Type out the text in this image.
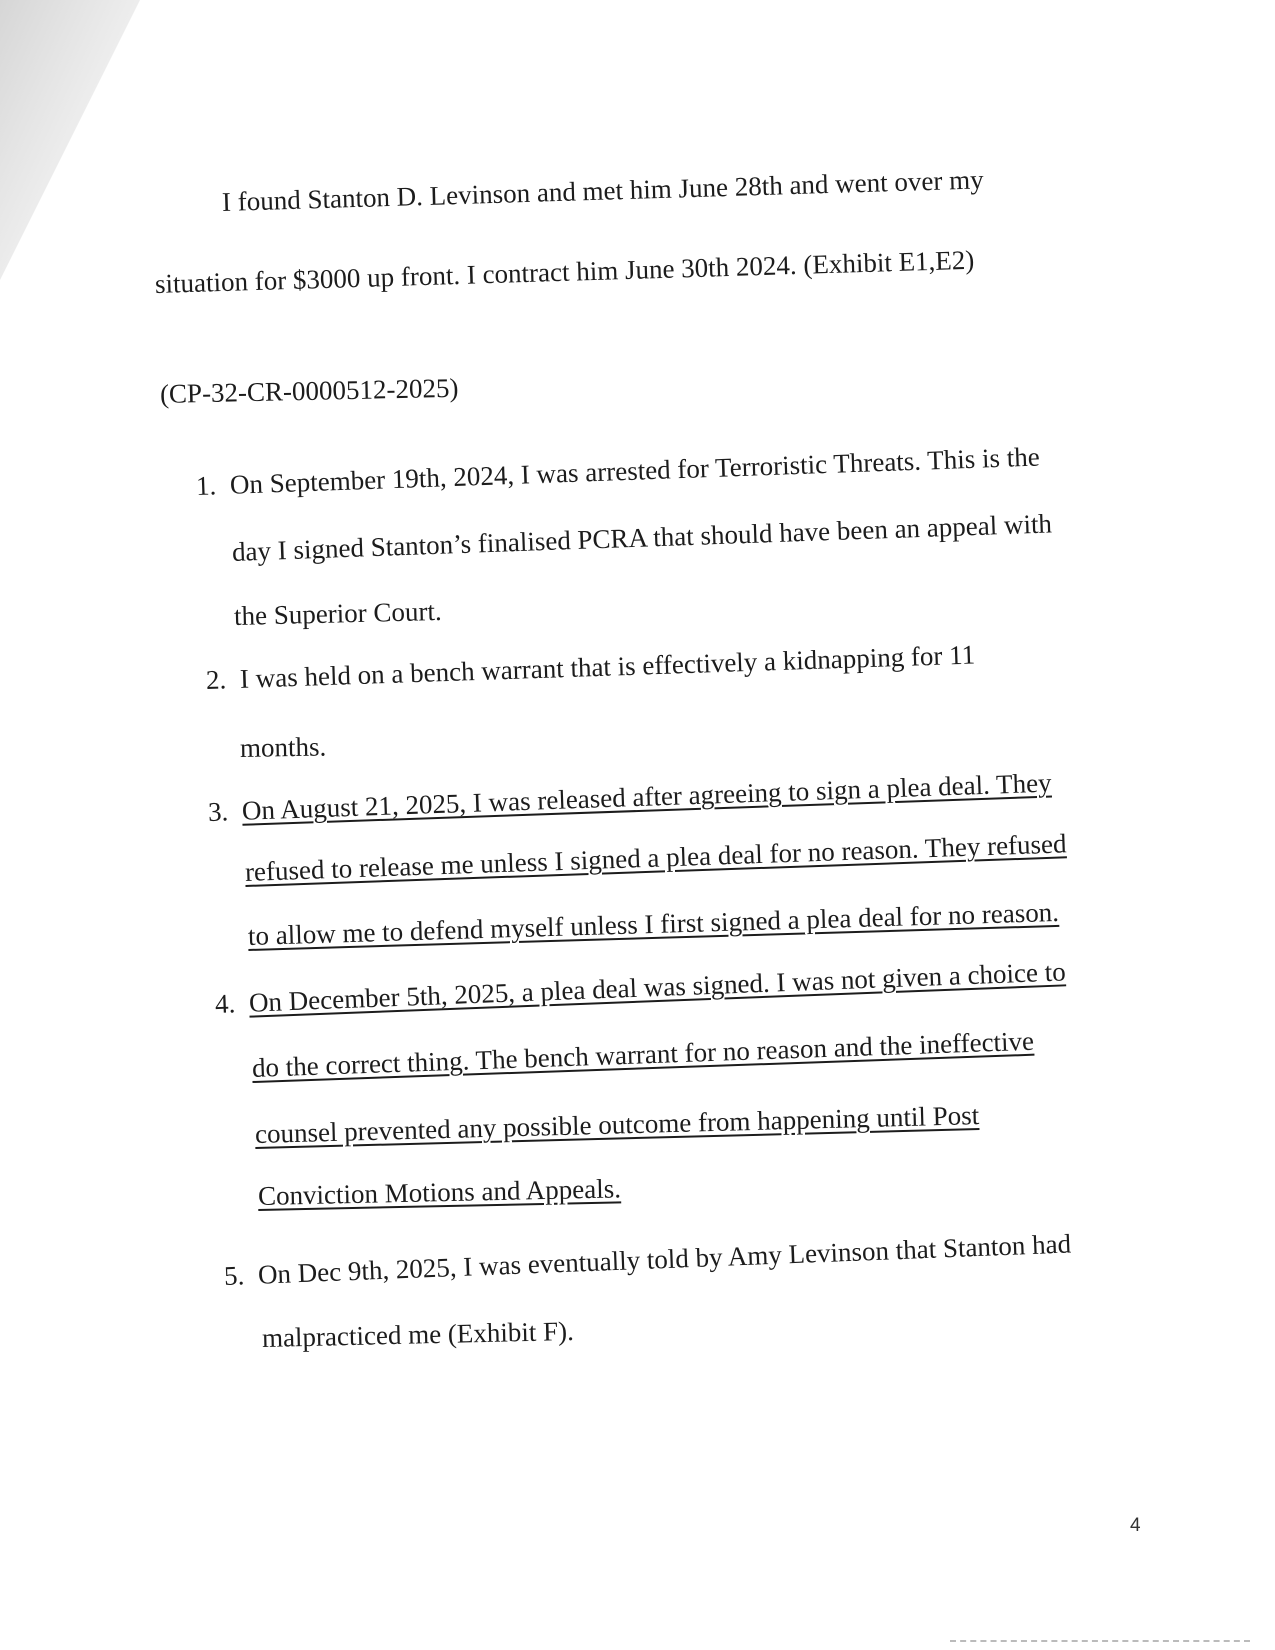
I found Stanton D. Levinson and met him June 28th and went over my
situation for $3000 up front. I contract him June 30th 2024. (Exhibit E1,E2)
(CP-32-CR-0000512-2025)
1. On September 19th, 2024, I was arrested for Terroristic Threats. This is the
day I signed Stanton’s finalised PCRA that should have been an appeal with
the Superior Court.
2. I was held on a bench warrant that is effectively a kidnapping for 11
months.
3. On August 21, 2025, I was released after agreeing to sign a plea deal. They
refused to release me unless I signed a plea deal for no reason. They refused
to allow me to defend myself unless I first signed a plea deal for no reason.
4. On December 5th, 2025, a plea deal was signed. I was not given a choice to
do the correct thing. The bench warrant for no reason and the ineffective
counsel prevented any possible outcome from happening until Post
Conviction Motions and Appeals.
5. On Dec 9th, 2025, I was eventually told by Amy Levinson that Stanton had
malpracticed me (Exhibit F).
4
